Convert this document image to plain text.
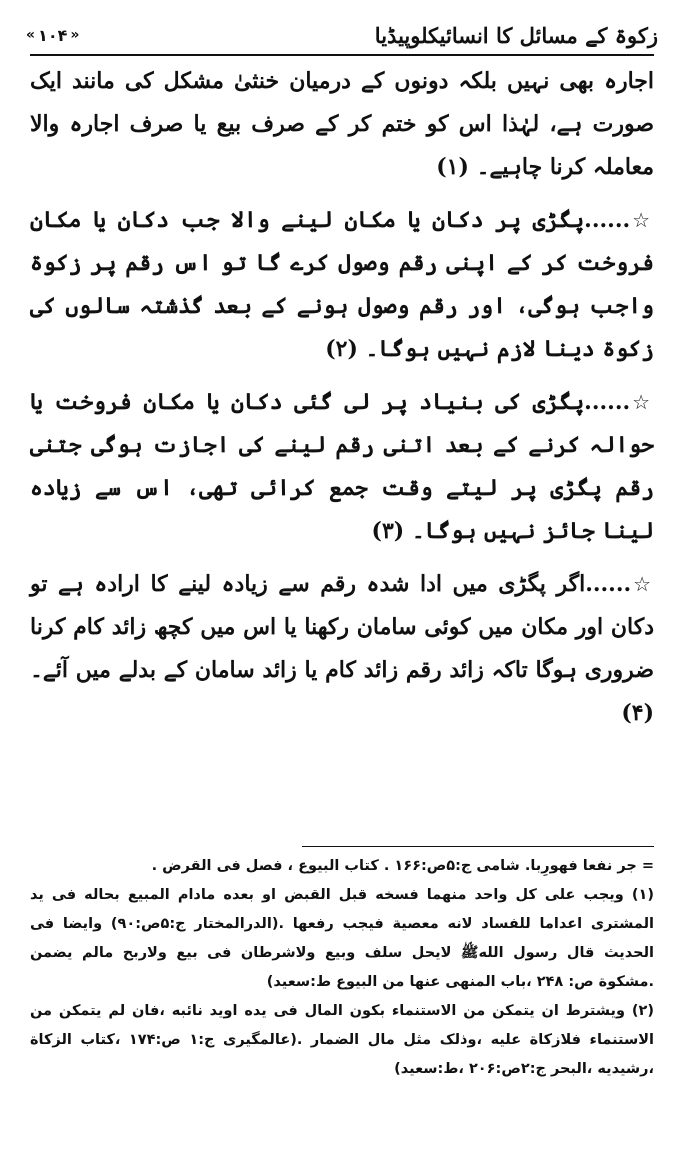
زکوۃ کے مسائل کا انسائیکلوپیڈیا
« ۱۰۴ »

اجارہ بھی نہیں بلکہ دونوں کے درمیان خنثیٰ مشکل کی مانند ایک صورت ہے، لہٰذا اس کو ختم کر کے صرف بیع یا صرف اجارہ والا معاملہ کرنا چاہیے۔ (۱)

☆......پگڑی پر دکان یا مکان لینے والا جب دکان یا مکان فروخت کر کے اپنی رقم وصول کرے گا تو اس رقم پر زکوۃ واجب ہوگی، اور رقم وصول ہونے کے بعد گذشتہ سالوں کی زکوۃ دینا لازم نہیں ہوگا۔ (۲)

☆......پگڑی کی بنیاد پر لی گئی دکان یا مکان فروخت یا حوالہ کرنے کے بعد اتنی رقم لینے کی اجازت ہوگی جتنی رقم پگڑی پر لیتے وقت جمع کرائی تھی، اس سے زیادہ لینا جائز نہیں ہوگا۔ (۳)

☆......اگر پگڑی میں ادا شدہ رقم سے زیادہ لینے کا ارادہ ہے تو دکان اور مکان میں کوئی سامان رکھنا یا اس میں کچھ زائد کام کرنا ضروری ہوگا تاکہ زائد رقم زائد کام یا زائد سامان کے بدلے میں آئے۔ (۴)

= جر نفعا فهورِبا. شامی ج:۵ص:۱۶۶ . کتاب البیوع ، فصل فی القرض .

(۱) ویجب علی کل واحد منهما فسخه قبل القبض او بعده مادام المبیع بحاله فی ید المشتری اعداما للفساد لانه معصیة فیجب رفعها .(الدرالمختار ج:۵ص:۹۰) وایضا فی الحدیث قال رسول اللهﷺ لایحل سلف وبیع ولاشرطان فی بیع ولاربح مالم یضمن .مشکوة ص: ۲۴۸ ،باب المنهی عنها من البیوع ط:سعید)

(۲) ویشترط ان یتمکن من الاستنماء بکون المال فی یده اوید نائبه ،فان لم یتمکن من الاستنماء فلازکاة علیه ،وذلک مثل مال الضمار .(عالمگیری ج:۱ ص:۱۷۴ ،کتاب الزکاة ،رشیدیه ،البحر ج:۲ص:۲۰۶ ،ط:سعید)
